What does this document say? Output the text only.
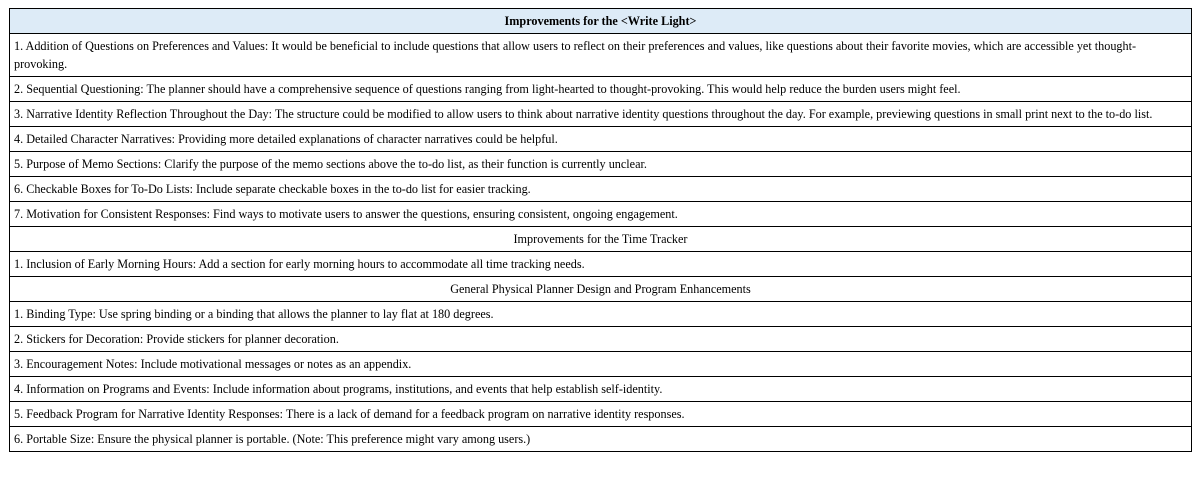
Improvements for the <Write Light>
1. Addition of Questions on Preferences and Values: It would be beneficial to include questions that allow users to reflect on their preferences and values, like questions about their favorite movies, which are accessible yet thought-provoking.
2. Sequential Questioning: The planner should have a comprehensive sequence of questions ranging from light-hearted to thought-provoking. This would help reduce the burden users might feel.
3. Narrative Identity Reflection Throughout the Day: The structure could be modified to allow users to think about narrative identity questions throughout the day. For example, previewing questions in small print next to the to-do list.
4. Detailed Character Narratives: Providing more detailed explanations of character narratives could be helpful.
5. Purpose of Memo Sections: Clarify the purpose of the memo sections above the to-do list, as their function is currently unclear.
6. Checkable Boxes for To-Do Lists: Include separate checkable boxes in the to-do list for easier tracking.
7. Motivation for Consistent Responses: Find ways to motivate users to answer the questions, ensuring consistent, ongoing engagement.
Improvements for the Time Tracker
1. Inclusion of Early Morning Hours: Add a section for early morning hours to accommodate all time tracking needs.
General Physical Planner Design and Program Enhancements
1. Binding Type: Use spring binding or a binding that allows the planner to lay flat at 180 degrees.
2. Stickers for Decoration: Provide stickers for planner decoration.
3. Encouragement Notes: Include motivational messages or notes as an appendix.
4. Information on Programs and Events: Include information about programs, institutions, and events that help establish self-identity.
5. Feedback Program for Narrative Identity Responses: There is a lack of demand for a feedback program on narrative identity responses.
6. Portable Size: Ensure the physical planner is portable. (Note: This preference might vary among users.)
